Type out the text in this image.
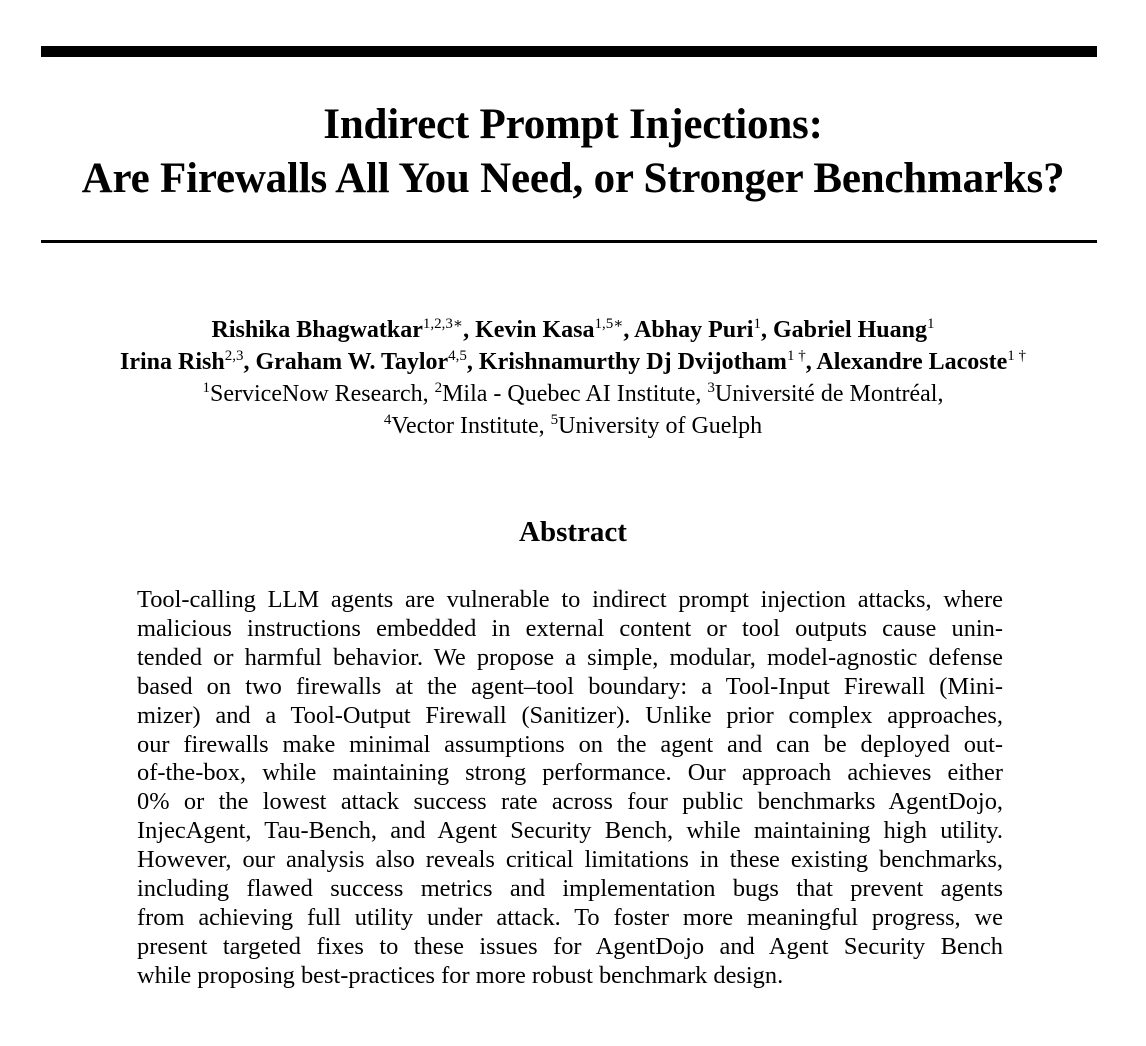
Indirect Prompt Injections:
Are Firewalls All You Need, or Stronger Benchmarks?
Rishika Bhagwatkar$^{1,2,3∗}$, Kevin Kasa$^{1,5∗}$, Abhay Puri$^1$, Gabriel Huang$^1$
Irina Rish$^{2,3}$, Graham W. Taylor$^{4,5}$, Krishnamurthy Dj Dvijotham$^{1 \dagger}$, Alexandre Lacoste$^{1 \dagger}$
$^1$ServiceNow Research, $^2$Mila - Quebec AI Institute, $^3$Université de Montréal,
$^4$Vector Institute, $^5$University of Guelph
Abstract
Tool-calling LLM agents are vulnerable to indirect prompt injection attacks, where
malicious instructions embedded in external content or tool outputs cause unin-
tended or harmful behavior. We propose a simple, modular, model-agnostic defense
based on two firewalls at the agent–tool boundary: a Tool-Input Firewall (Mini-
mizer) and a Tool-Output Firewall (Sanitizer). Unlike prior complex approaches,
our firewalls make minimal assumptions on the agent and can be deployed out-
of-the-box, while maintaining strong performance. Our approach achieves either
0% or the lowest attack success rate across four public benchmarks AgentDojo,
InjecAgent, Tau-Bench, and Agent Security Bench, while maintaining high utility.
However, our analysis also reveals critical limitations in these existing benchmarks,
including flawed success metrics and implementation bugs that prevent agents
from achieving full utility under attack. To foster more meaningful progress, we
present targeted fixes to these issues for AgentDojo and Agent Security Bench
while proposing best-practices for more robust benchmark design.
